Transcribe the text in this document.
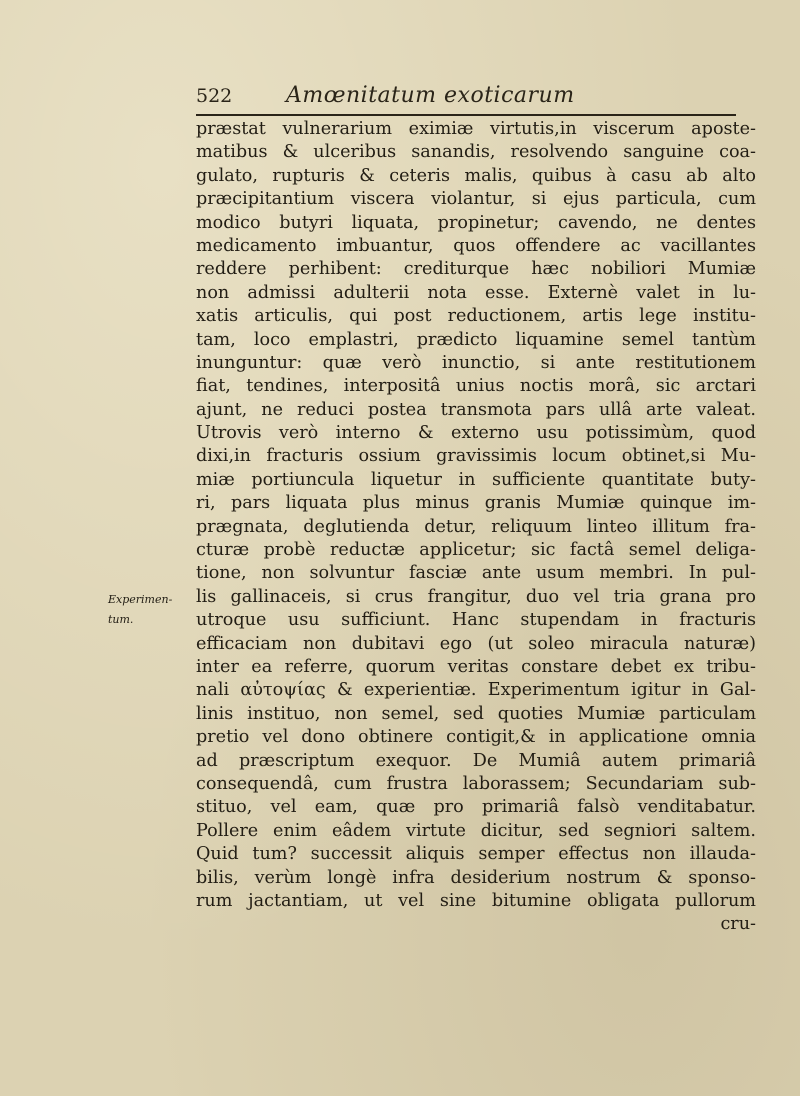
522 Amœnitatum exoticarum
Experimen-
tum.
præstat vulnerarium eximiæ virtutis,in viscerum aposte-
matibus & ulceribus sanandis, resolvendo sanguine coa-
gulato, rupturis & ceteris malis, quibus à casu ab alto
præcipitantium viscera violantur, si ejus particula, cum
modico butyri liquata, propinetur; cavendo, ne dentes
medicamento imbuantur, quos offendere ac vacillantes
reddere perhibent: crediturque hæc nobiliori Mumiæ
non admissi adulterii nota esse. Externè valet in lu-
xatis articulis, qui post reductionem, artis lege institu-
tam, loco emplastri, prædicto liquamine semel tantùm
inunguntur: quæ verò inunctio, si ante restitutionem
fiat, tendines, interpositâ unius noctis morâ, sic arctari
ajunt, ne reduci postea transmota pars ullâ arte valeat.
Utrovis verò interno & externo usu potissimùm, quod
dixi,in fracturis ossium gravissimis locum obtinet,si Mu-
miæ portiuncula liquetur in sufficiente quantitate buty-
ri, pars liquata plus minus granis Mumiæ quinque im-
prægnata, deglutienda detur, reliquum linteo illitum fra-
cturæ probè reductæ applicetur; sic factâ semel deliga-
tione, non solvuntur fasciæ ante usum membri. In pul-
lis gallinaceis, si crus frangitur, duo vel tria grana pro
utroque usu sufficiunt. Hanc stupendam in fracturis
efficaciam non dubitavi ego (ut soleo miracula naturæ)
inter ea referre, quorum veritas constare debet ex tribu-
nali αὐτοψίας & experientiæ. Experimentum igitur in Gal-
linis instituo, non semel, sed quoties Mumiæ particulam
pretio vel dono obtinere contigit,& in applicatione omnia
ad præscriptum exequor. De Mumiâ autem primariâ
consequendâ, cum frustra laborassem; Secundariam sub-
stituo, vel eam, quæ pro primariâ falsò venditabatur.
Pollere enim eâdem virtute dicitur, sed segniori saltem.
Quid tum? successit aliquis semper effectus non illauda-
bilis, verùm longè infra desiderium nostrum & sponso-
rum jactantiam, ut vel sine bitumine obligata pullorum
cru-
